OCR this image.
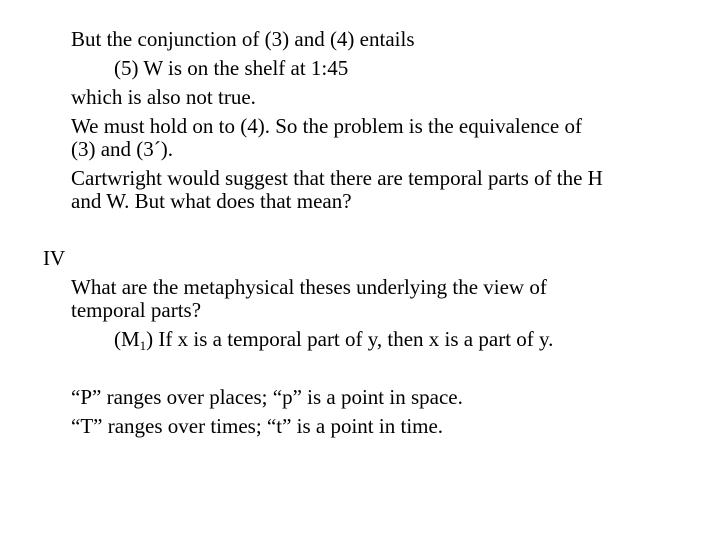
But the conjunction of (3) and (4) entails

(5) W is on the shelf at 1:45

which is also not true.

We must hold on to (4). So the problem is the equivalence of

(3) and (3´).

Cartwright would suggest that there are temporal parts of the H

and W. But what does that mean?

IV

What are the metaphysical theses underlying the view of

temporal parts?

$(M_1)$ If x is a temporal part of y, then x is a part of y.

“P” ranges over places; “p” is a point in space.

“T” ranges over times; “t” is a point in time.
